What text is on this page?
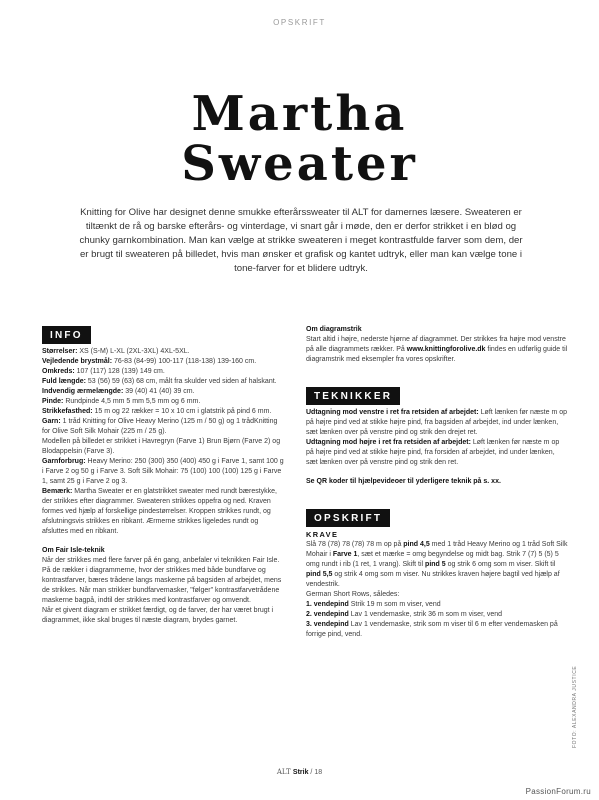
OPSKRIFT
Martha
Sweater
Knitting for Olive har designet denne smukke efterårssweater til ALT for damernes læsere. Sweateren er tiltænkt de rå og barske efterårs- og vinterdage, vi snart går i møde, den er derfor strikket i en blød og chunky garnkombination. Man kan vælge at strikke sweateren i meget kontrastfulde farver som dem, der er brugt til sweateren på billedet, hvis man ønsker et grafisk og kantet udtryk, eller man kan vælge tone i tone-farver for et blidere udtryk.
INFO
Størrelser: XS (S-M) L-XL (2XL-3XL) 4XL-5XL.
Vejledende brystmål: 76-83 (84-99) 100-117 (118-138) 139-160 cm.
Omkreds: 107 (117) 128 (139) 149 cm.
Fuld længde: 53 (56) 59 (63) 68 cm, målt fra skulder ved siden af halskant.
Indvendig ærmelængde: 39 (40) 41 (40) 39 cm.
Pinde: Rundpinde 4,5 mm 5 mm 5,5 mm og 6 mm.
Strikkefasthed: 15 m og 22 rækker = 10 x 10 cm i glatstrik på pind 6 mm.
Garn: 1 tråd Knitting for Olive Heavy Merino (125 m / 50 g) og 1 trådKnitting for Olive Soft Silk Mohair (225 m / 25 g).
Modellen på billedet er strikket i Havregryn (Farve 1) Brun Bjørn (Farve 2) og Blodappelsin (Farve 3).
Garnforbrug: Heavy Merino: 250 (300) 350 (400) 450 g i Farve 1, samt 100 g i Farve 2 og 50 g i Farve 3. Soft Silk Mohair: 75 (100) 100 (100) 125 g i Farve 1, samt 25 g i Farve 2 og 3.
Bemærk: Martha Sweater er en glatstrikket sweater med rundt bærestykke, der strikkes efter diagrammer. Sweateren strikkes oppefra og ned. Kraven formes ved hjælp af forskellige pindestørrelser. Kroppen strikkes rundt, og afslutningsvis strikkes en ribkant. Ærmerne strikkes ligeledes rundt og afsluttes med en ribkant.
Om Fair Isle-teknik
Når der strikkes med flere farver på én gang, anbefaler vi teknikken Fair Isle. På de rækker i diagrammerne, hvor der strikkes med både bundfarve og kontrastfarver, bæres trådene langs maskerne på bagsiden af arbejdet, mens de strikkes. Når man strikker bundfarvemasker, "følger" kontrastfarvetrådene maskerne bagpå, indtil der strikkes med kontrastfarver og omvendt.
Når et givent diagram er strikket færdigt, og de farver, der har været brugt i diagrammet, ikke skal bruges til næste diagram, brydes garnet.
Om diagramstrik
Start altid i højre, nederste hjørne af diagrammet. Der strikkes fra højre mod venstre på alle diagrammets rækker. På www.knittingforolive.dk findes en udførlig guide til diagramstrik med eksempler fra vores opskrifter.
TEKNIKKER
Udtagning mod venstre i ret fra retsiden af arbejdet: Løft lænken før næste m op på højre pind ved at stikke højre pind, fra bagsiden af arbejdet, ind under lænken, sæt lænken over på venstre pind og strik den drejet ret.
Udtagning mod højre i ret fra retsiden af arbejdet: Løft lænken før næste m op på højre pind ved at stikke højre pind, fra forsiden af arbejdet, ind under lænken, sæt lænken over på venstre pind og strik den ret.
Se QR koder til hjælpevideoer til yderligere teknik på s. xx.
OPSKRIFT
KRAVE
Slå 78 (78) 78 (78) 78 m op på pind 4,5 med 1 tråd Heavy Merino og 1 tråd Soft Silk Mohair i Farve 1, sæt et mærke = omg begyndelse og midt bag. Strik 7 (7) 5 (5) 5 omg rundt i rib (1 ret, 1 vrang). Skift til pind 5 og strik 6 omg som m viser. Skift til pind 5,5 og strik 4 omg som m viser. Nu strikkes kraven højere bagtil ved hjælp af vendestrik.
German Short Rows, således:
1. vendepind Strik 19 m som m viser, vend
2. vendepind Lav 1 vendemaske, strik 36 m som m viser, vend
3. vendepind Lav 1 vendemaske, strik som m viser til 6 m efter vendemasken på forrige pind, vend.
FOTO: ALEXANDRA JUSTICE
ALT Strik / 18
PassionForum.ru
